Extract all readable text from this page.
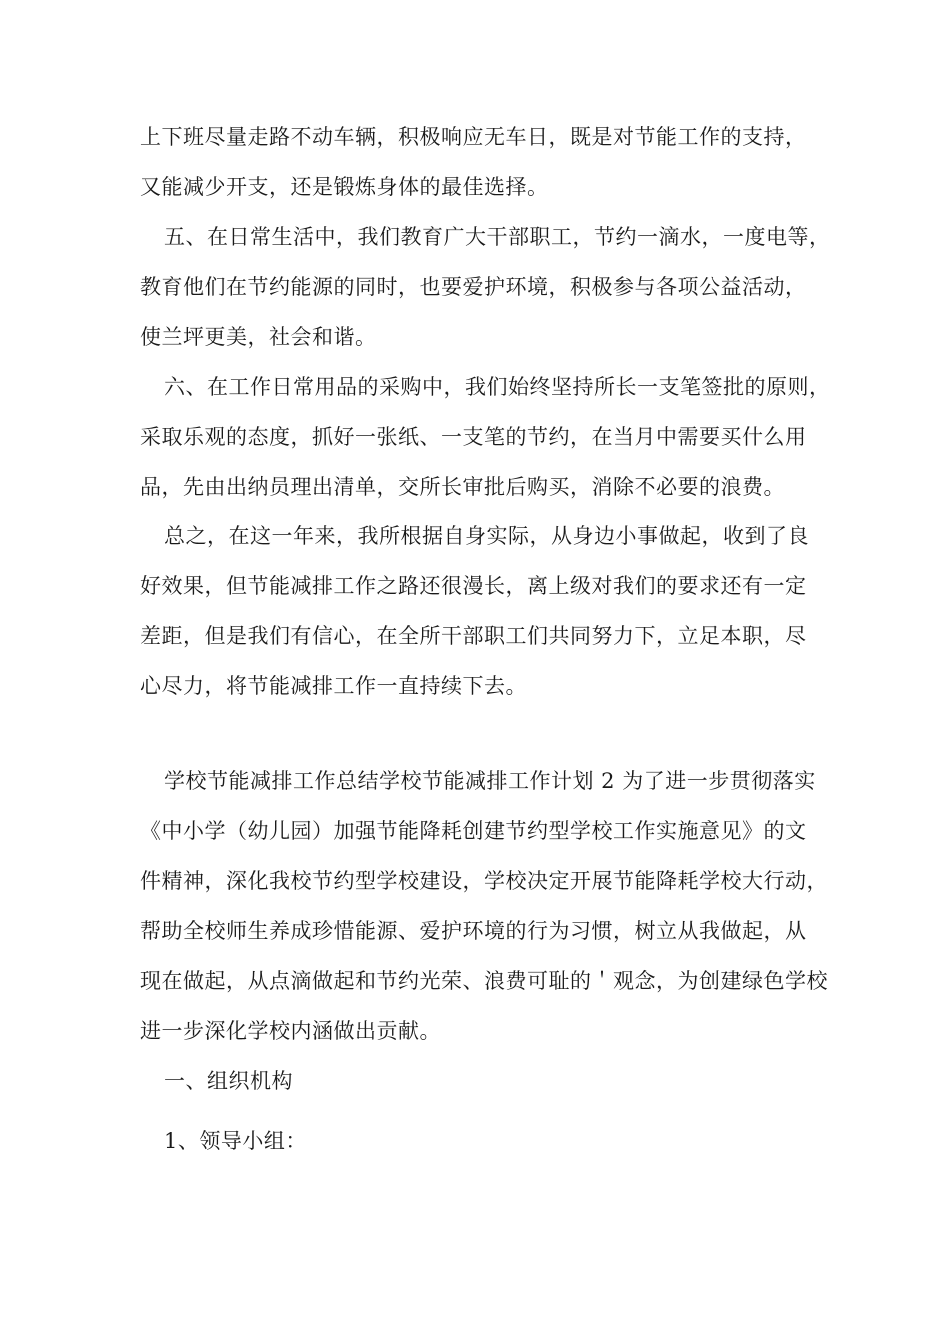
上下班尽量走路不动车辆，积极响应无车日，既是对节能工作的支持，
又能减少开支，还是锻炼身体的最佳选择。
五、在日常生活中，我们教育广大干部职工，节约一滴水，一度电等，
教育他们在节约能源的同时，也要爱护环境，积极参与各项公益活动，
使兰坪更美，社会和谐。
六、在工作日常用品的采购中，我们始终坚持所长一支笔签批的原则，
采取乐观的态度，抓好一张纸、一支笔的节约，在当月中需要买什么用
品，先由出纳员理出清单，交所长审批后购买，消除不必要的浪费。
总之，在这一年来，我所根据自身实际，从身边小事做起，收到了良
好效果，但节能减排工作之路还很漫长，离上级对我们的要求还有一定
差距，但是我们有信心，在全所干部职工们共同努力下，立足本职，尽
心尽力，将节能减排工作一直持续下去。
学校节能减排工作总结学校节能减排工作计划 2 为了进一步贯彻落实
《中小学（幼儿园）加强节能降耗创建节约型学校工作实施意见》的文
件精神，深化我校节约型学校建设，学校决定开展节能降耗学校大行动，
帮助全校师生养成珍惜能源、爱护环境的行为习惯，树立从我做起，从
现在做起，从点滴做起和节约光荣、浪费可耻的＇观念，为创建绿色学校
进一步深化学校内涵做出贡献。
一、组织机构
1、领导小组：
